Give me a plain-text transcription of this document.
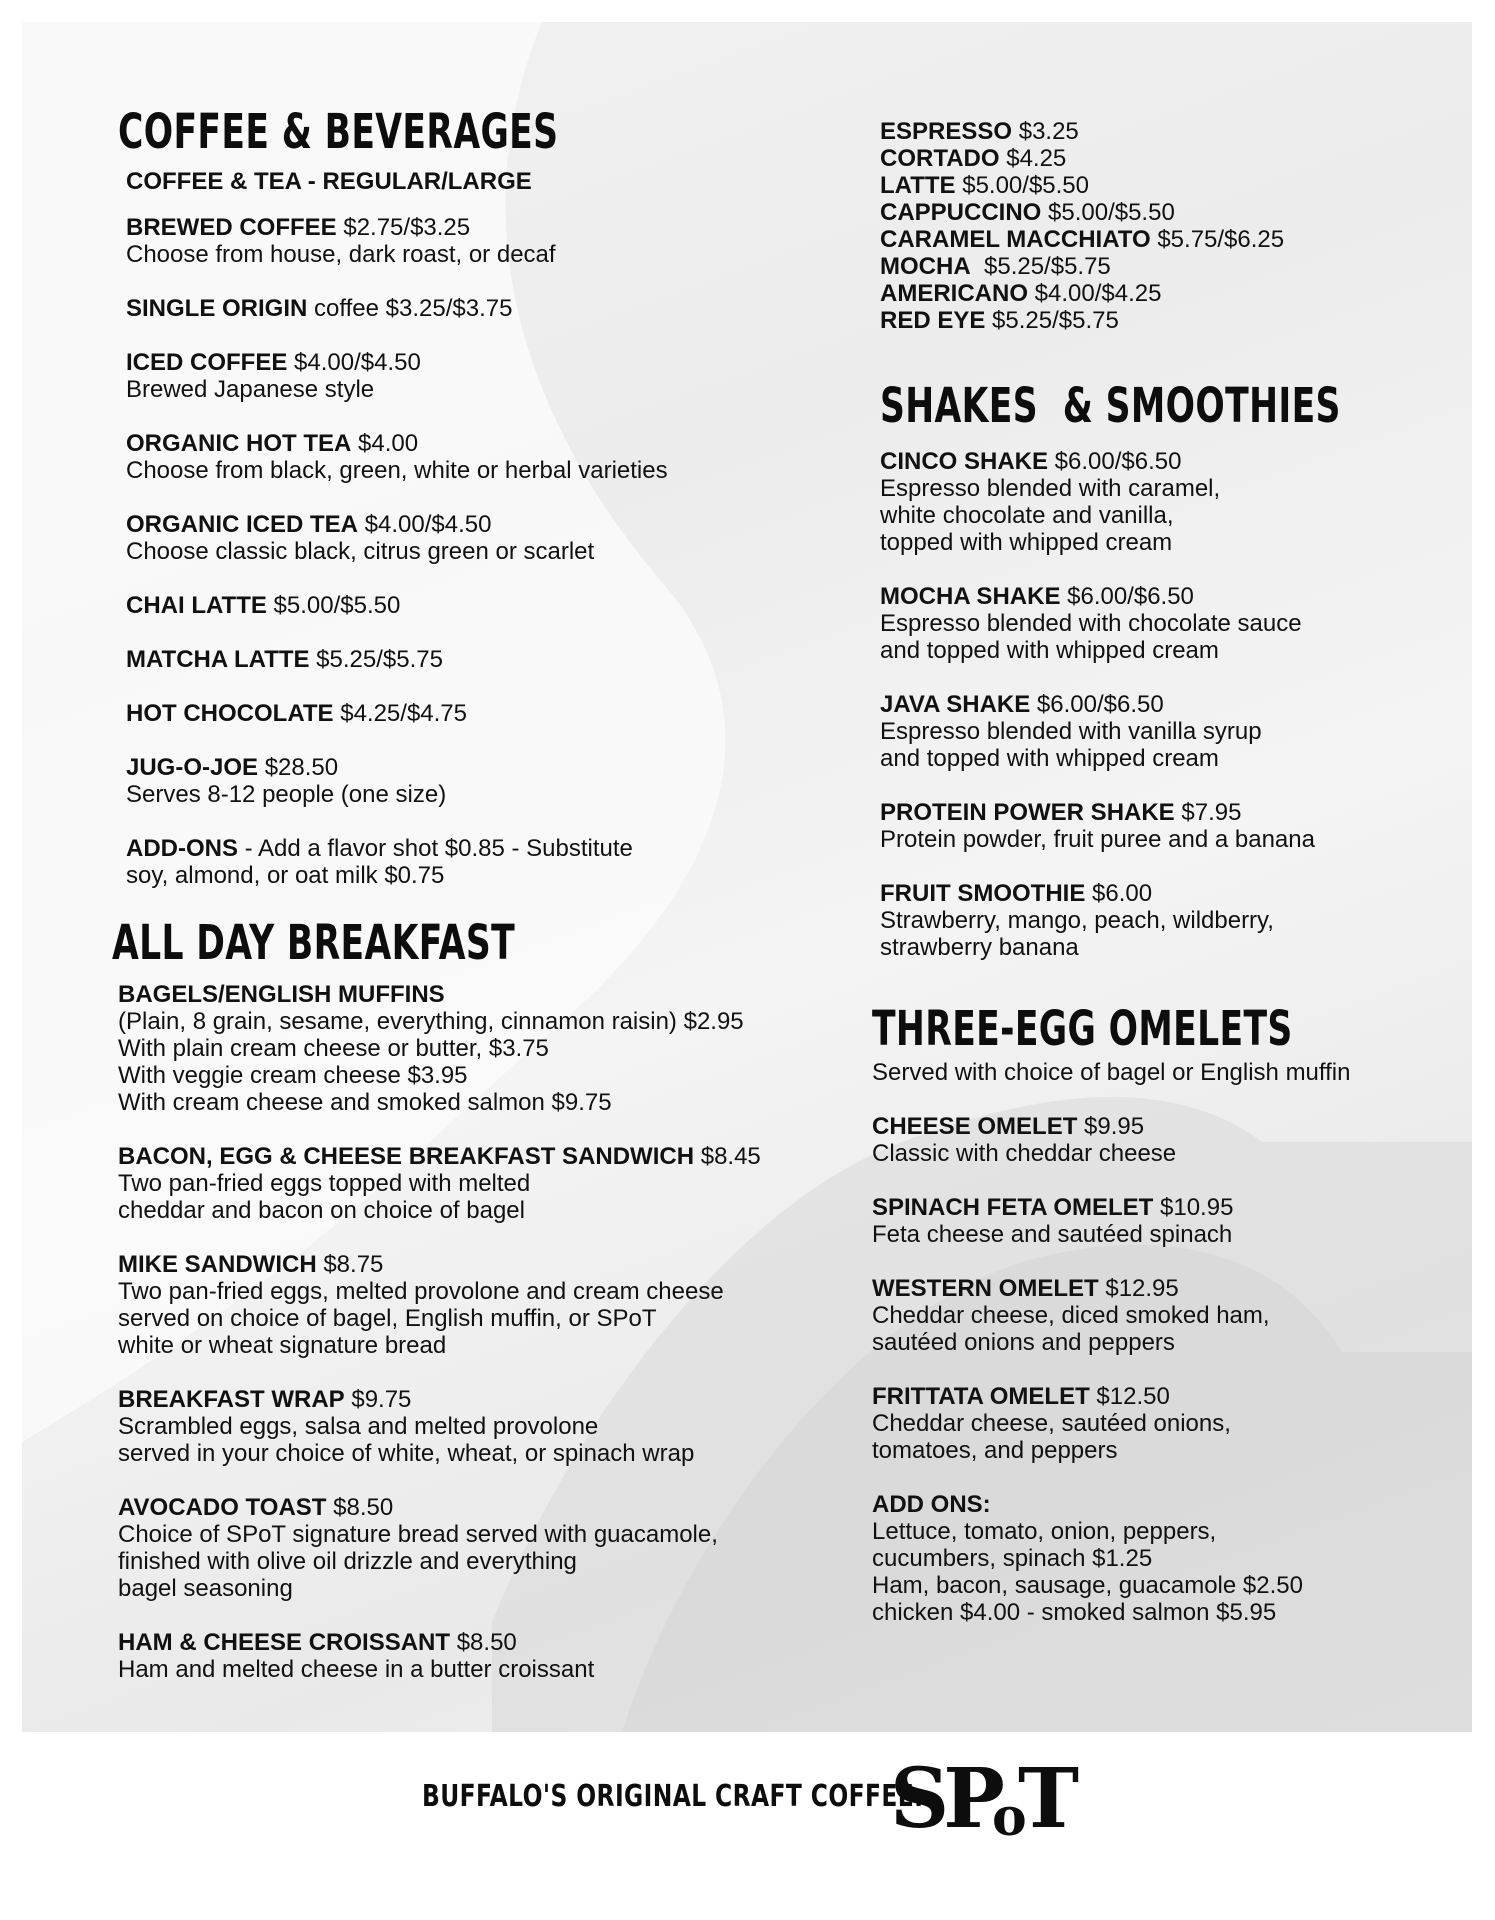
COFFEE & BEVERAGES
COFFEE & TEA - REGULAR/LARGE
BREWED COFFEE $2.75/$3.25
Choose from house, dark roast, or decaf
SINGLE ORIGIN coffee $3.25/$3.75
ICED COFFEE $4.00/$4.50
Brewed Japanese style
ORGANIC HOT TEA $4.00
Choose from black, green, white or herbal varieties
ORGANIC ICED TEA $4.00/$4.50
Choose classic black, citrus green or scarlet
CHAI LATTE $5.00/$5.50
MATCHA LATTE $5.25/$5.75
HOT CHOCOLATE $4.25/$4.75
JUG-O-JOE $28.50
Serves 8-12 people (one size)
ADD-ONS - Add a flavor shot $0.85 - Substitute
soy, almond, or oat milk $0.75
ALL DAY BREAKFAST
BAGELS/ENGLISH MUFFINS
(Plain, 8 grain, sesame, everything, cinnamon raisin) $2.95
With plain cream cheese or butter, $3.75
With veggie cream cheese $3.95
With cream cheese and smoked salmon $9.75
BACON, EGG & CHEESE BREAKFAST SANDWICH $8.45
Two pan-fried eggs topped with melted
cheddar and bacon on choice of bagel
MIKE SANDWICH $8.75
Two pan-fried eggs, melted provolone and cream cheese
served on choice of bagel, English muffin, or SPoT
white or wheat signature bread
BREAKFAST WRAP $9.75
Scrambled eggs, salsa and melted provolone
served in your choice of white, wheat, or spinach wrap
AVOCADO TOAST $8.50
Choice of SPoT signature bread served with guacamole,
finished with olive oil drizzle and everything
bagel seasoning
HAM & CHEESE CROISSANT $8.50
Ham and melted cheese in a butter croissant
ESPRESSO $3.25
CORTADO $4.25
LATTE $5.00/$5.50
CAPPUCCINO $5.00/$5.50
CARAMEL MACCHIATO $5.75/$6.25
MOCHA  $5.25/$5.75
AMERICANO $4.00/$4.25
RED EYE $5.25/$5.75
SHAKES  & SMOOTHIES
CINCO SHAKE $6.00/$6.50
Espresso blended with caramel,
white chocolate and vanilla,
topped with whipped cream
MOCHA SHAKE $6.00/$6.50
Espresso blended with chocolate sauce
and topped with whipped cream
JAVA SHAKE $6.00/$6.50
Espresso blended with vanilla syrup
and topped with whipped cream
PROTEIN POWER SHAKE $7.95
Protein powder, fruit puree and a banana
FRUIT SMOOTHIE $6.00
Strawberry, mango, peach, wildberry,
strawberry banana
THREE-EGG OMELETS
Served with choice of bagel or English muffin
CHEESE OMELET $9.95
Classic with cheddar cheese
SPINACH FETA OMELET $10.95
Feta cheese and sautéed spinach
WESTERN OMELET $12.95
Cheddar cheese, diced smoked ham,
sautéed onions and peppers
FRITTATA OMELET $12.50
Cheddar cheese, sautéed onions,
tomatoes, and peppers
ADD ONS:
Lettuce, tomato, onion, peppers,
cucumbers, spinach $1.25
Ham, bacon, sausage, guacamole $2.50
chicken $4.00 - smoked salmon $5.95
BUFFALO'S ORIGINAL CRAFT COFFEE.
SP
o
T
